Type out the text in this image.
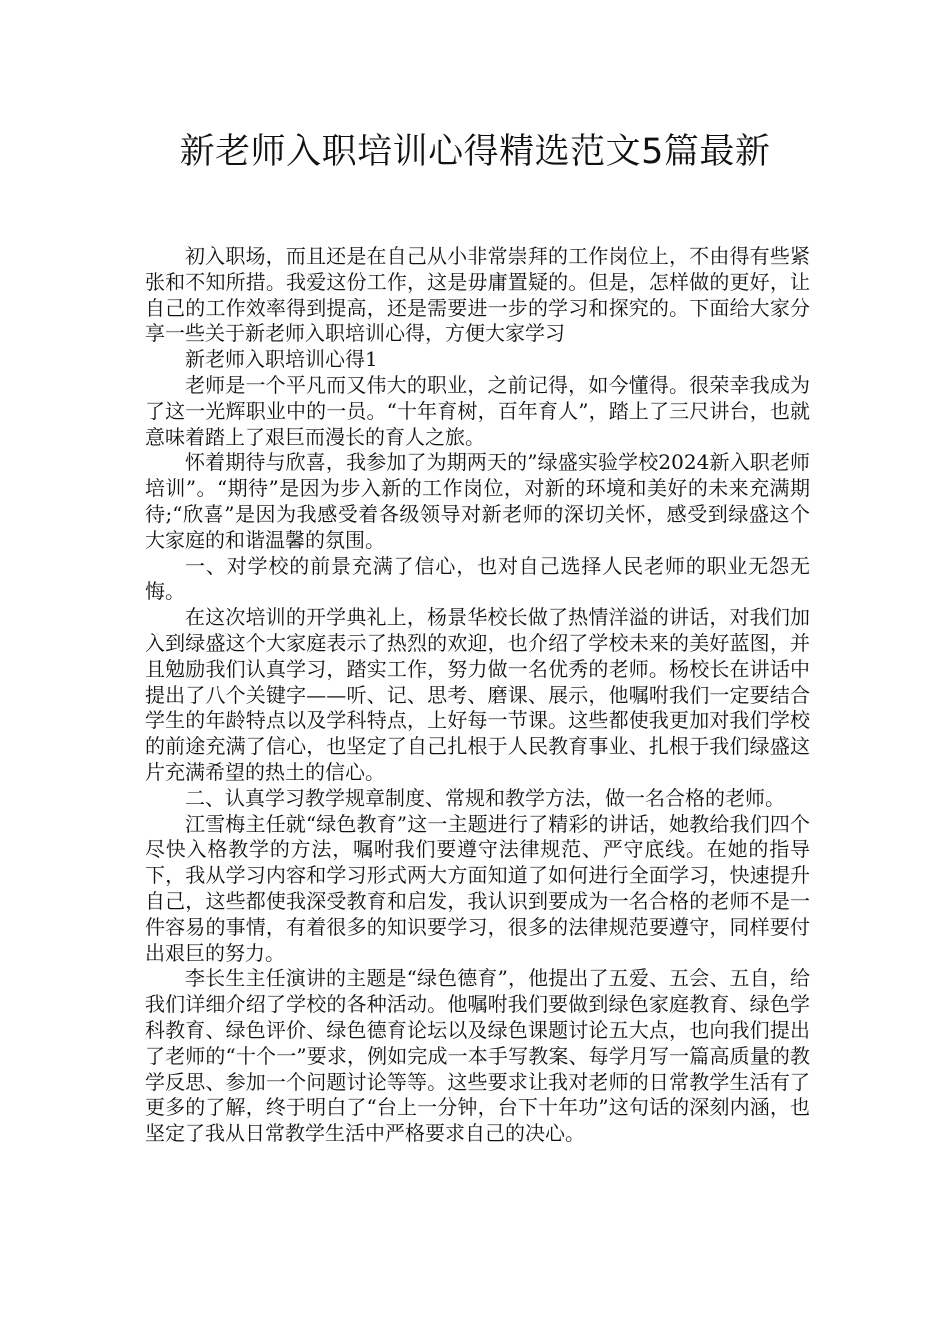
新老师入职培训心得精选范文5篇最新

初入职场，而且还是在自己从小非常崇拜的工作岗位上，不由得有些紧张和不知所措。我爱这份工作，这是毋庸置疑的。但是，怎样做的更好，让自己的工作效率得到提高，还是需要进一步的学习和探究的。下面给大家分享一些关于新老师入职培训心得，方便大家学习

新老师入职培训心得1

老师是一个平凡而又伟大的职业，之前记得，如今懂得。很荣幸我成为了这一光辉职业中的一员。“十年育树，百年育人”，踏上了三尺讲台，也就意味着踏上了艰巨而漫长的育人之旅。

怀着期待与欣喜，我参加了为期两天的”绿盛实验学校2024新入职老师培训”。“期待”是因为步入新的工作岗位，对新的环境和美好的未来充满期待;“欣喜”是因为我感受着各级领导对新老师的深切关怀，感受到绿盛这个大家庭的和谐温馨的氛围。

一、对学校的前景充满了信心，也对自己选择人民老师的职业无怨无悔。

在这次培训的开学典礼上，杨景华校长做了热情洋溢的讲话，对我们加入到绿盛这个大家庭表示了热烈的欢迎，也介绍了学校未来的美好蓝图，并且勉励我们认真学习，踏实工作，努力做一名优秀的老师。杨校长在讲话中提出了八个关键字——听、记、思考、磨课、展示，他嘱咐我们一定要结合学生的年龄特点以及学科特点，上好每一节课。这些都使我更加对我们学校的前途充满了信心，也坚定了自己扎根于人民教育事业、扎根于我们绿盛这片充满希望的热土的信心。

二、认真学习教学规章制度、常规和教学方法，做一名合格的老师。

江雪梅主任就“绿色教育”这一主题进行了精彩的讲话，她教给我们四个尽快入格教学的方法，嘱咐我们要遵守法律规范、严守底线。在她的指导下，我从学习内容和学习形式两大方面知道了如何进行全面学习，快速提升自己，这些都使我深受教育和启发，我认识到要成为一名合格的老师不是一件容易的事情，有着很多的知识要学习，很多的法律规范要遵守，同样要付出艰巨的努力。

李长生主任演讲的主题是“绿色德育”，他提出了五爱、五会、五自，给我们详细介绍了学校的各种活动。他嘱咐我们要做到绿色家庭教育、绿色学科教育、绿色评价、绿色德育论坛以及绿色课题讨论五大点，也向我们提出了老师的“十个一”要求，例如完成一本手写教案、每学月写一篇高质量的教学反思、参加一个问题讨论等等。这些要求让我对老师的日常教学生活有了更多的了解，终于明白了“台上一分钟，台下十年功”这句话的深刻内涵，也坚定了我从日常教学生活中严格要求自己的决心。
